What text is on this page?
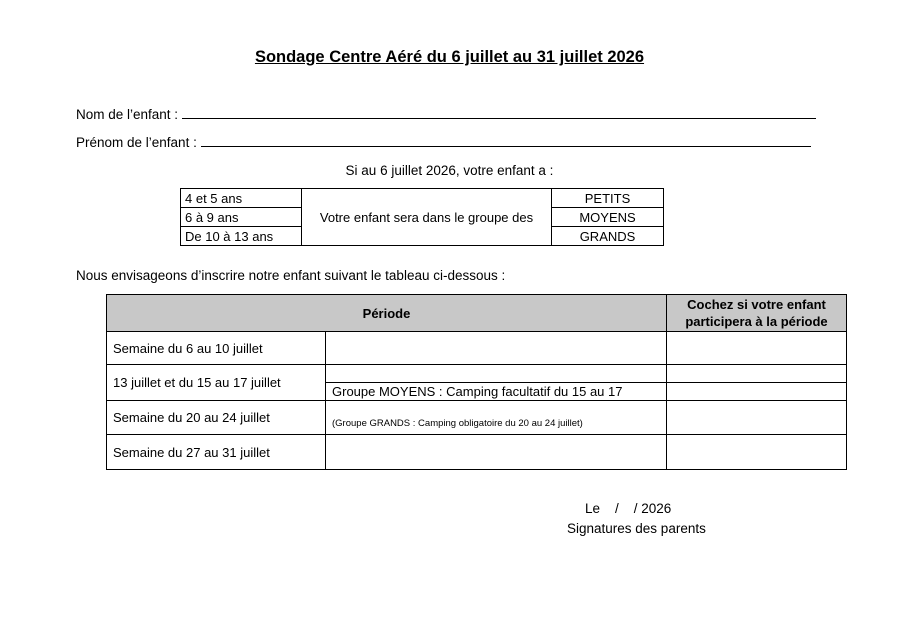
Sondage Centre Aéré du 6 juillet au 31 juillet 2026
Nom de l’enfant :
Prénom de l’enfant :
Si au 6 juillet 2026, votre enfant a :
4 et 5 ans	Votre enfant sera dans le groupe des	PETITS
6 à 9 ans		MOYENS
De 10 à 13 ans		GRANDS
Nous envisageons d’inscrire notre enfant suivant le tableau ci-dessous :
Période		Cochez si votre enfant
participera à la période

Semaine du 6 au 10 juillet		
13 juillet et du 15 au 17 juillet		
	Groupe MOYENS : Camping facultatif du 15 au 17	
Semaine du 20 au 24 juillet	(Groupe GRANDS : Camping obligatoire du 20 au 24 juillet)	
Semaine du 27 au 31 juillet		
Le    /    / 2026
Signatures des parents
